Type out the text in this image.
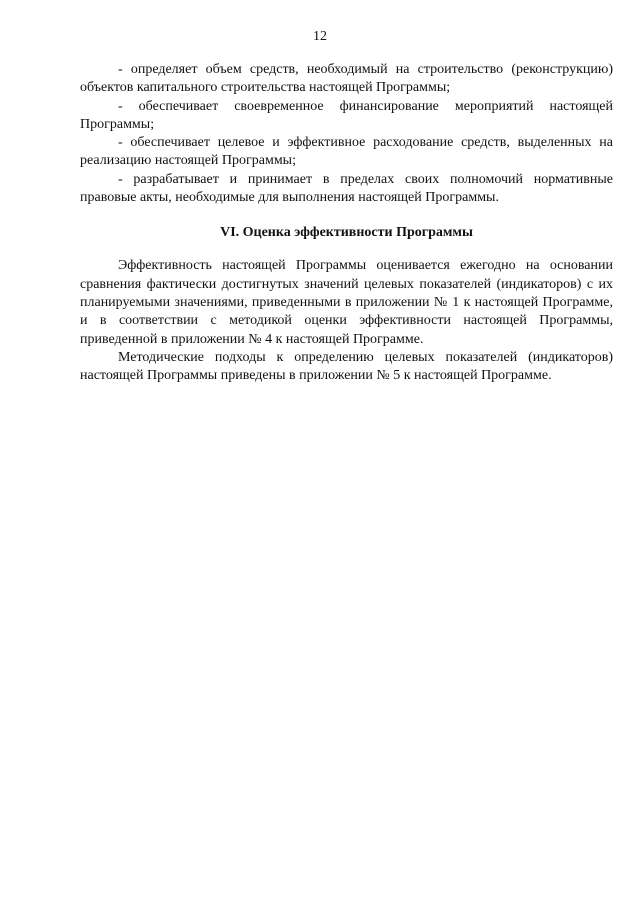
12

- определяет объем средств, необходимый на строительство (реконструкцию) объектов капитального строительства настоящей Программы;

- обеспечивает своевременное финансирование мероприятий настоящей Программы;

- обеспечивает целевое и эффективное расходование средств, выделенных на реализацию настоящей Программы;

- разрабатывает и принимает в пределах своих полномочий нормативные правовые акты, необходимые для выполнения настоящей Программы.

VI. Оценка эффективности Программы

Эффективность настоящей Программы оценивается ежегодно на основании сравнения фактически достигнутых значений целевых показателей (индикаторов) с их планируемыми значениями, приведенными в приложении № 1 к настоящей Программе, и в соответствии с методикой оценки эффективности настоящей Программы, приведенной в приложении № 4 к настоящей Программе.

Методические подходы к определению целевых показателей (индикаторов) настоящей Программы приведены в приложении № 5 к настоящей Программе.
